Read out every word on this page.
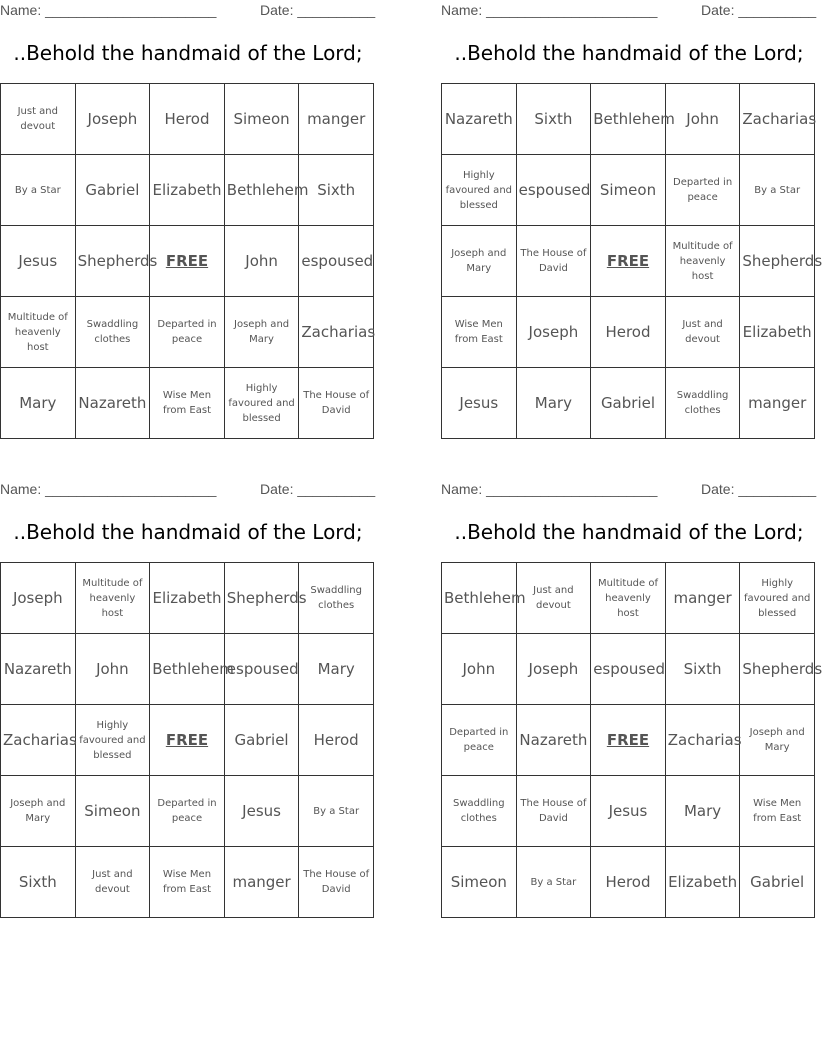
Name: ______________________	Date: __________
..Behold the handmaid of the Lord;
Just and devout	Joseph	Herod	Simeon	manger
By a Star	Gabriel	Elizabeth	Bethlehem	Sixth
Jesus	Shepherds	FREE	John	espoused
Multitude of heavenly host	Swaddling clothes	Departed in peace	Joseph and Mary	Zacharias
Mary	Nazareth	Wise Men from East	Highly favoured and blessed	The House of David
Name: ______________________	Date: __________
..Behold the handmaid of the Lord;
Nazareth	Sixth	Bethlehem	John	Zacharias
Highly favoured and blessed	espoused	Simeon	Departed in peace	By a Star
Joseph and Mary	The House of David	FREE	Multitude of heavenly host	Shepherds
Wise Men from East	Joseph	Herod	Just and devout	Elizabeth
Jesus	Mary	Gabriel	Swaddling clothes	manger
Name: ______________________	Date: __________
..Behold the handmaid of the Lord;
Joseph	Multitude of heavenly host	Elizabeth	Shepherds	Swaddling clothes
Nazareth	John	Bethlehem	espoused	Mary
Zacharias	Highly favoured and blessed	FREE	Gabriel	Herod
Joseph and Mary	Simeon	Departed in peace	Jesus	By a Star
Sixth	Just and devout	Wise Men from East	manger	The House of David
Name: ______________________	Date: __________
..Behold the handmaid of the Lord;
Bethlehem	Just and devout	Multitude of heavenly host	manger	Highly favoured and blessed
John	Joseph	espoused	Sixth	Shepherds
Departed in peace	Nazareth	FREE	Zacharias	Joseph and Mary
Swaddling clothes	The House of David	Jesus	Mary	Wise Men from East
Simeon	By a Star	Herod	Elizabeth	Gabriel
